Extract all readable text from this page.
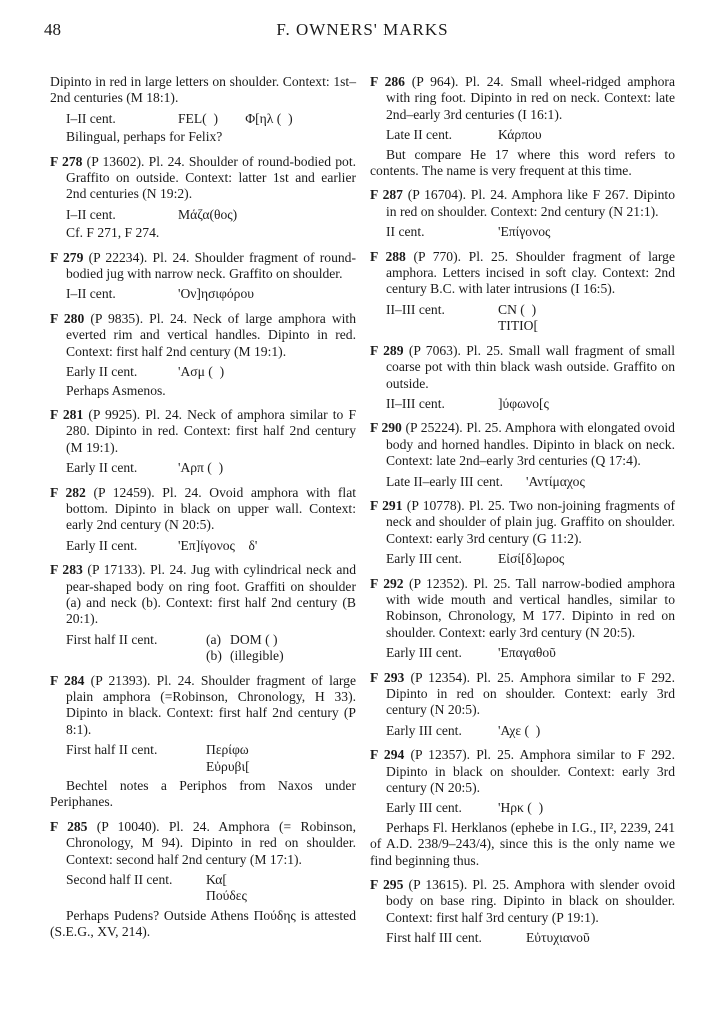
48	F. OWNERS' MARKS

Dipinto in red in large letters on shoulder. Context: 1st–2nd centuries (M 18:1).

I–II cent.	FEL(  )        Φ[ηλ (  )

Bilingual, perhaps for Felix?

F 278 (P 13602). Pl. 24. Shoulder of round-bodied pot. Graffito on outside. Context: latter 1st and earlier 2nd centuries (N 19:2).

I–II cent.	Μάζα(θος)

Cf. F 271, F 274.

F 279 (P 22234). Pl. 24. Shoulder fragment of round-bodied jug with narrow neck. Graffito on shoulder.

I–II cent.	'Ον]ησιφόρου

F 280 (P 9835). Pl. 24. Neck of large amphora with everted rim and vertical handles. Dipinto in red. Context: first half 2nd century (M 19:1).

Early II cent.	'Ασμ (  )

Perhaps Asmenos.

F 281 (P 9925). Pl. 24. Neck of amphora similar to F 280. Dipinto in red. Context: first half 2nd century (M 19:1).

Early II cent.	'Αρπ (  )

F 282 (P 12459). Pl. 24. Ovoid amphora with flat bottom. Dipinto in black on upper wall. Context: early 2nd century (N 20:5).

Early II cent.	'Επ]ίγονος    δ'

F 283 (P 17133). Pl. 24. Jug with cylindrical neck and pear-shaped body on ring foot. Graffiti on shoulder (a) and neck (b). Context: first half 2nd century (B 20:1).

First half II cent.	(a) DOM ( )
(b) (illegible)

F 284 (P 21393). Pl. 24. Shoulder fragment of large plain amphora (=Robinson, Chronology, H 33). Dipinto in black. Context: first half 2nd century (P 8:1).

First half II cent.	Περίφω
Εὐρυβι[

Bechtel notes a Periphos from Naxos under Periphanes.

F 285 (P 10040). Pl. 24. Amphora (= Robinson, Chronology, M 94). Dipinto in red on shoulder. Context: second half 2nd century (M 17:1).

Second half II cent.	Κα[
Πούδες

Perhaps Pudens? Outside Athens Πούδης is attested (S.E.G., XV, 214).

F 286 (P 964). Pl. 24. Small wheel-ridged amphora with ring foot. Dipinto in red on neck. Context: late 2nd–early 3rd centuries (I 16:1).

Late II cent.	Κάρπου

But compare He 17 where this word refers to contents. The name is very frequent at this time.

F 287 (P 16704). Pl. 24. Amphora like F 267. Dipinto in red on shoulder. Context: 2nd century (N 21:1).

II cent.	'Επίγονος

F 288 (P 770). Pl. 25. Shoulder fragment of large amphora. Letters incised in soft clay. Context: 2nd century B.C. with later intrusions (I 16:5).

II–III cent.	CN (  )
TITIO[

F 289 (P 7063). Pl. 25. Small wall fragment of small coarse pot with thin black wash outside. Graffito on outside.

II–III cent.	]ύφωνο[ς

F 290 (P 25224). Pl. 25. Amphora with elongated ovoid body and horned handles. Dipinto in black on neck. Context: late 2nd–early 3rd centuries (Q 17:4).

Late II–early III cent.	'Αντίμαχος

F 291 (P 10778). Pl. 25. Two non-joining fragments of neck and shoulder of plain jug. Graffito on shoulder. Context: early 3rd century (G 11:2).

Early III cent.	Εἰσί[δ]ωρος

F 292 (P 12352). Pl. 25. Tall narrow-bodied amphora with wide mouth and vertical handles, similar to Robinson, Chronology, M 177. Dipinto in red on shoulder. Context: early 3rd century (N 20:5).

Early III cent.	'Επαγαθοῦ

F 293 (P 12354). Pl. 25. Amphora similar to F 292. Dipinto in red on shoulder. Context: early 3rd century (N 20:5).

Early III cent.	'Αχε (  )

F 294 (P 12357). Pl. 25. Amphora similar to F 292. Dipinto in black on shoulder. Context: early 3rd century (N 20:5).

Early III cent.	'Ηρκ (  )

Perhaps Fl. Herklanos (ephebe in I.G., II², 2239, 241 of A.D. 238/9–243/4), since this is the only name we find beginning thus.

F 295 (P 13615). Pl. 25. Amphora with slender ovoid body on base ring. Dipinto in black on shoulder. Context: first half 3rd century (P 19:1).

First half III cent.	Εὐτυχιανοῦ
